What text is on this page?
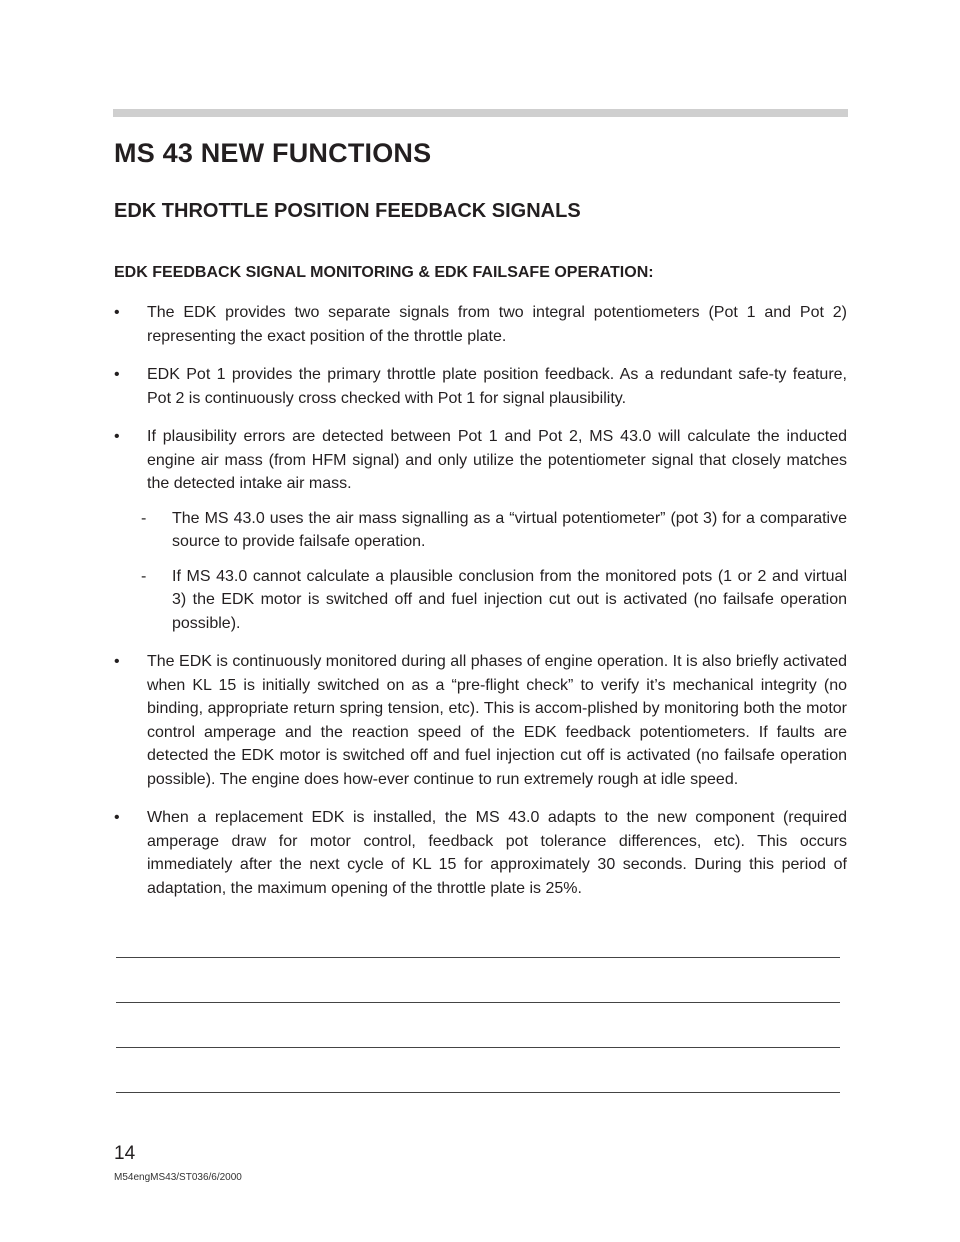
MS 43 NEW FUNCTIONS
EDK THROTTLE POSITION FEEDBACK SIGNALS
EDK FEEDBACK SIGNAL MONITORING & EDK FAILSAFE OPERATION:
• The EDK provides two separate signals from two integral potentiometers (Pot 1 and Pot 2) representing the exact position of the throttle plate.
• EDK Pot 1 provides the primary throttle plate position feedback. As a redundant safe-ty feature, Pot 2 is continuously cross checked with Pot 1 for signal plausibility.
• If plausibility errors are detected between Pot 1 and Pot 2, MS 43.0 will calculate the inducted engine air mass (from HFM signal) and only utilize the potentiometer signal that closely matches the detected intake air mass.
- The MS 43.0 uses the air mass signalling as a “virtual potentiometer” (pot 3) for a comparative source to provide failsafe operation.
- If MS 43.0 cannot calculate a plausible conclusion from the monitored pots (1 or 2 and virtual 3) the EDK motor is switched off and fuel injection cut out is activated (no failsafe operation possible).
• The EDK is continuously monitored during all phases of engine operation. It is also briefly activated when KL 15 is initially switched on as a “pre-flight check” to verify it’s mechanical integrity (no binding, appropriate return spring tension, etc). This is accom-plished by monitoring both the motor control amperage and the reaction speed of the EDK feedback potentiometers. If faults are detected the EDK motor is switched off and fuel injection cut off is activated (no failsafe operation possible). The engine does how-ever continue to run extremely rough at idle speed.
• When a replacement EDK is installed, the MS 43.0 adapts to the new component (required amperage draw for motor control, feedback pot tolerance differences, etc). This occurs immediately after the next cycle of KL 15 for approximately 30 seconds. During this period of adaptation, the maximum opening of the throttle plate is 25%.
14
M54engMS43/ST036/6/2000
